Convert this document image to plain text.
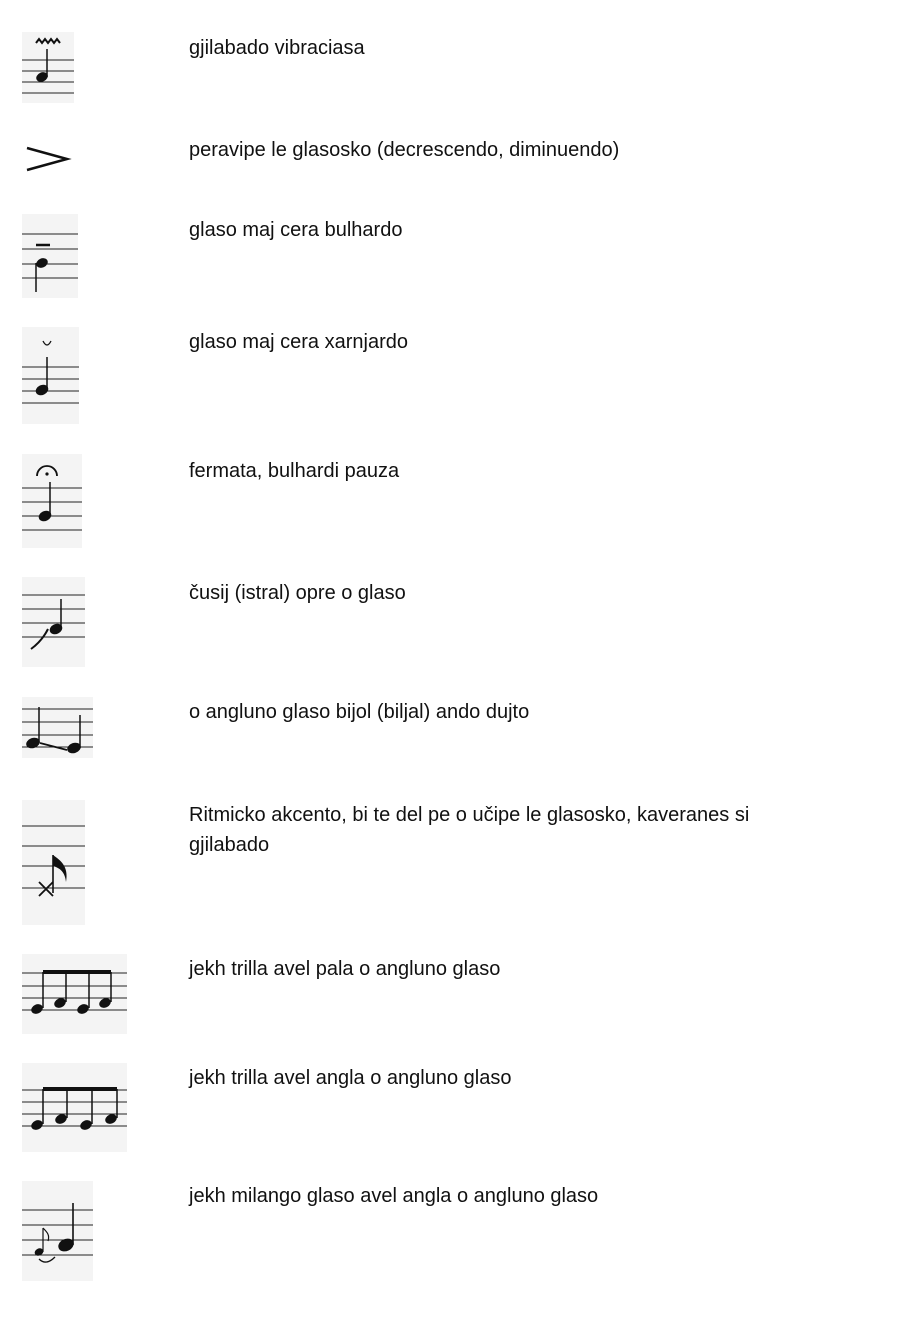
gjilabado vibraciasa
peravipe le glasosko (decrescendo, diminuendo)
glaso maj cera bulhardo
glaso maj cera xarnjardo
fermata, bulhardi pauza
čusij (istral) opre o glaso
o angluno glaso bijol (biljal) ando dujto
Ritmicko akcento, bi te del pe o učipe le glasosko, kaveranes si gjilabado
jekh trilla avel pala o angluno glaso
jekh trilla avel angla o angluno glaso
jekh milango glaso avel angla o angluno glaso
